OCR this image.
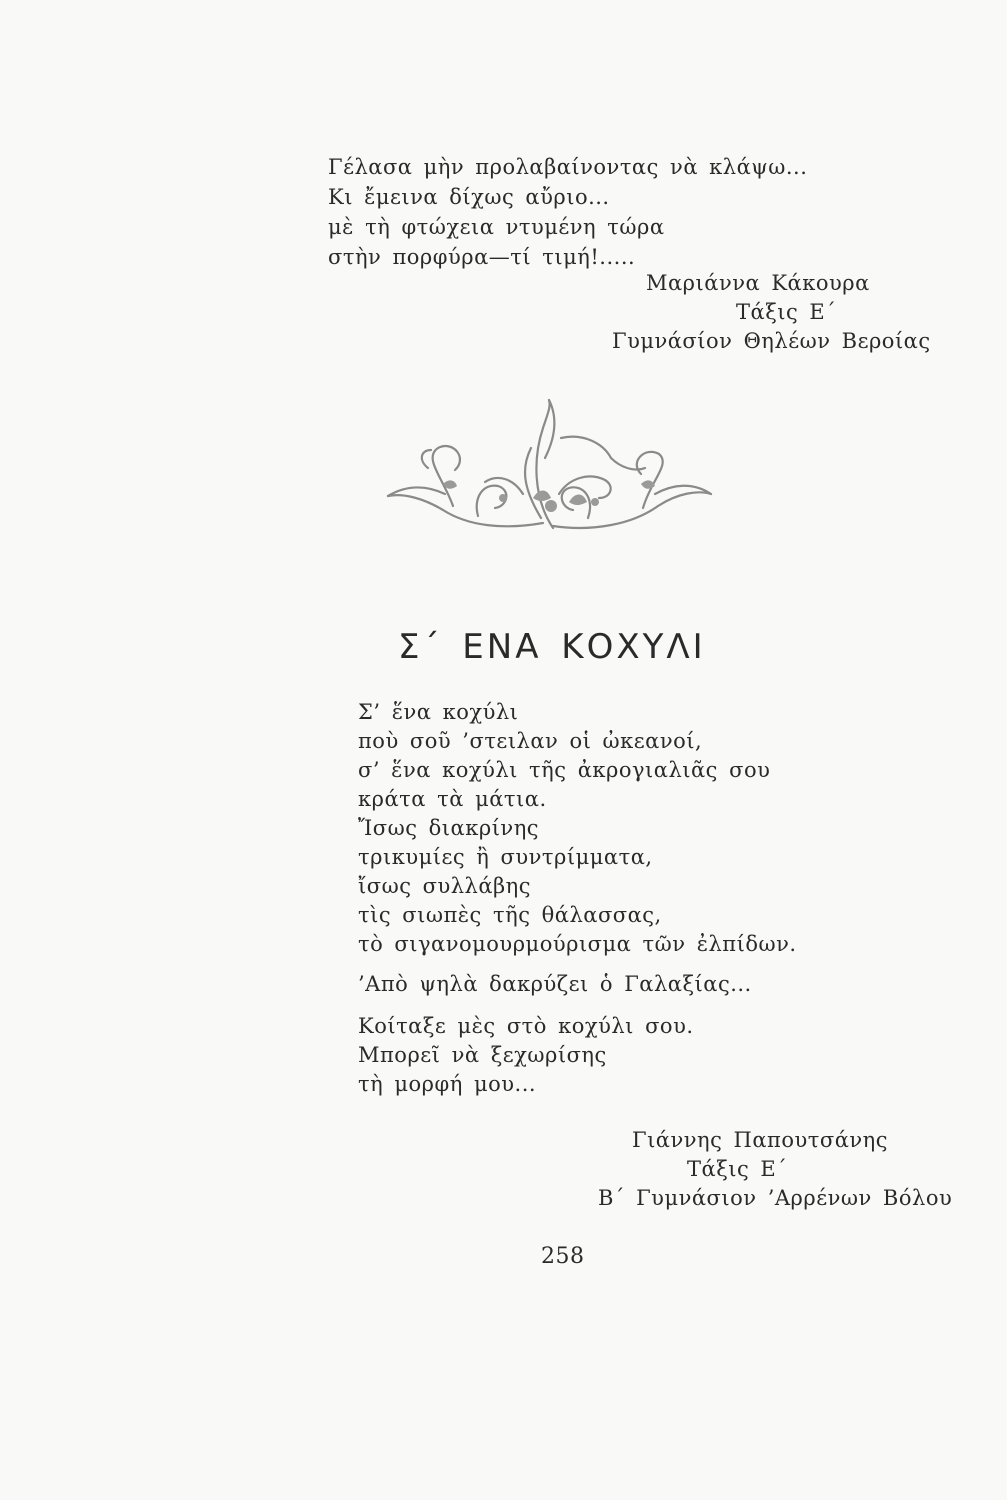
Γέλασα μὴν προλαβαίνοντας νὰ κλάψω...
Κι ἔμεινα δίχως αὔριο...
μὲ τὴ φτώχεια ντυμένη τώρα
στὴν πορφύρα—τί τιμή!.....
Μαριάννα Κάκουρα
Τάξις Ε΄
Γυμνάσίον Θηλέων Βεροίας
Σ΄ ΕΝΑ ΚΟΧΥΛΙ
Σ’ ἕνα κοχύλι
ποὺ σοῦ ’στειλαν οἱ ὠκεανοί,
σ’ ἕνα κοχύλι τῆς ἀκρογιαλιᾶς σου
κράτα τὰ μάτια.
Ἴσως διακρίνης
τρικυμίες ἢ συντρίμματα,
ἴσως συλλάβης
τὶς σιωπὲς τῆς θάλασσας,
τὸ σιγανομουρμούρισμα τῶν ἐλπίδων.
’Απὸ ψηλὰ δακρύζει ὁ Γαλαξίας...
Κοίταξε μὲς στὸ κοχύλι σου.
Μπορεῖ νὰ ξεχωρίσης
τὴ μορφή μου...
Γιάννης Παπουτσάνης
Τάξις Ε΄
Β΄ Γυμνάσιον ’Αρρένων Βόλου
258
